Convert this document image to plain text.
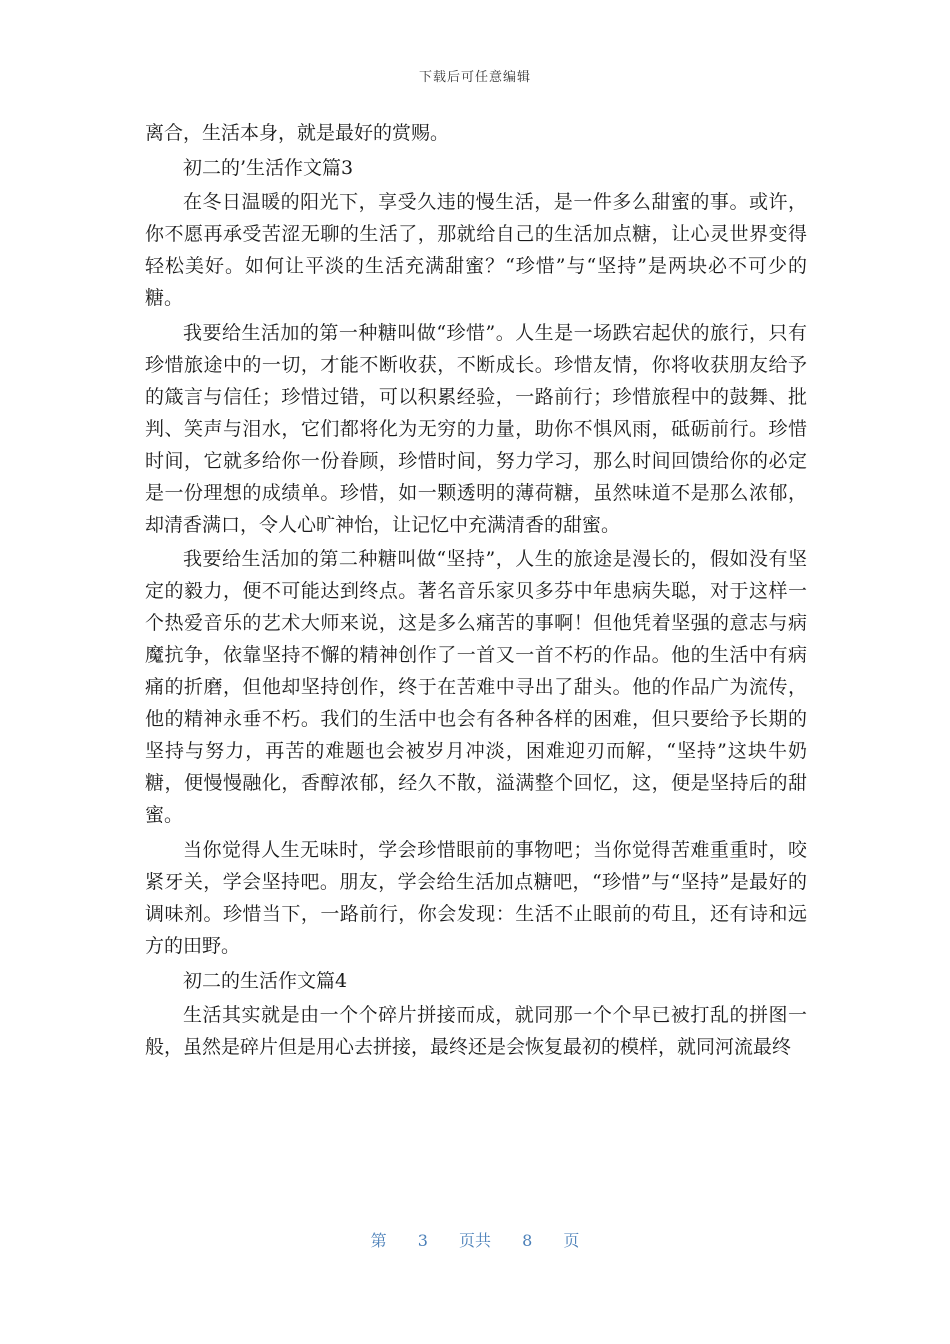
下载后可任意编辑

离合，生活本身，就是最好的赏赐。

初二的’生活作文篇3

在冬日温暖的阳光下，享受久违的慢生活，是一件多么甜蜜的事。或许，你不愿再承受苦涩无聊的生活了，那就给自己的生活加点糖，让心灵世界变得轻松美好。如何让平淡的生活充满甜蜜？“珍惜”与“坚持”是两块必不可少的糖。

我要给生活加的第一种糖叫做“珍惜”。人生是一场跌宕起伏的旅行，只有珍惜旅途中的一切，才能不断收获，不断成长。珍惜友情，你将收获朋友给予的箴言与信任；珍惜过错，可以积累经验，一路前行；珍惜旅程中的鼓舞、批判、笑声与泪水，它们都将化为无穷的力量，助你不惧风雨，砥砺前行。珍惜时间，它就多给你一份眷顾，珍惜时间，努力学习，那么时间回馈给你的必定是一份理想的成绩单。珍惜，如一颗透明的薄荷糖，虽然味道不是那么浓郁，却清香满口，令人心旷神怡，让记忆中充满清香的甜蜜。

我要给生活加的第二种糖叫做“坚持”，人生的旅途是漫长的，假如没有坚定的毅力，便不可能达到终点。著名音乐家贝多芬中年患病失聪，对于这样一个热爱音乐的艺术大师来说，这是多么痛苦的事啊！但他凭着坚强的意志与病魔抗争，依靠坚持不懈的精神创作了一首又一首不朽的作品。他的生活中有病痛的折磨，但他却坚持创作，终于在苦难中寻出了甜头。他的作品广为流传，他的精神永垂不朽。我们的生活中也会有各种各样的困难，但只要给予长期的坚持与努力，再苦的难题也会被岁月冲淡，困难迎刃而解，“坚持”这块牛奶糖，便慢慢融化，香醇浓郁，经久不散，溢满整个回忆，这，便是坚持后的甜蜜。

当你觉得人生无味时，学会珍惜眼前的事物吧；当你觉得苦难重重时，咬紧牙关，学会坚持吧。朋友，学会给生活加点糖吧，“珍惜”与“坚持”是最好的调味剂。珍惜当下，一路前行，你会发现：生活不止眼前的苟且，还有诗和远方的田野。

初二的生活作文篇4

生活其实就是由一个个碎片拼接而成，就同那一个个早已被打乱的拼图一般，虽然是碎片但是用心去拼接，最终还是会恢复最初的模样，就同河流最终

第 3 页共 8 页
